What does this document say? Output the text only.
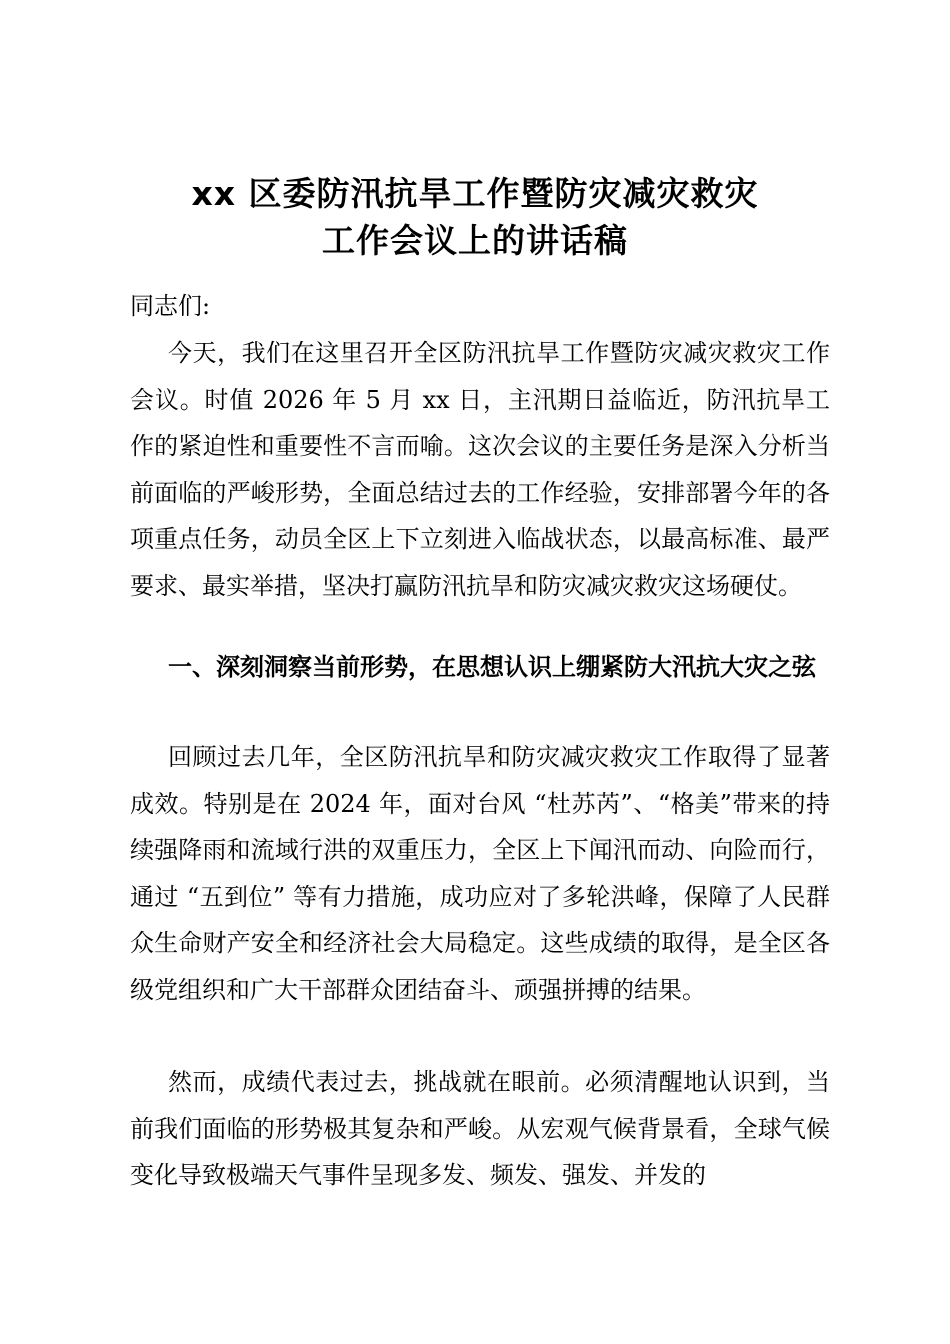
xx 区委防汛抗旱工作暨防灾减灾救灾
工作会议上的讲话稿

同志们:

今天，我们在这里召开全区防汛抗旱工作暨防灾减灾救灾工作会议。时值 2026 年 5 月 xx 日，主汛期日益临近，防汛抗旱工作的紧迫性和重要性不言而喻。这次会议的主要任务是深入分析当前面临的严峻形势，全面总结过去的工作经验，安排部署今年的各项重点任务，动员全区上下立刻进入临战状态，以最高标准、最严要求、最实举措，坚决打赢防汛抗旱和防灾减灾救灾这场硬仗。

一、深刻洞察当前形势，在思想认识上绷紧防大汛抗大灾之弦

回顾过去几年，全区防汛抗旱和防灾减灾救灾工作取得了显著成效。特别是在 2024 年，面对台风 “杜苏芮”、“格美”带来的持续强降雨和流域行洪的双重压力，全区上下闻汛而动、向险而行，通过 “五到位” 等有力措施，成功应对了多轮洪峰，保障了人民群众生命财产安全和经济社会大局稳定。这些成绩的取得，是全区各级党组织和广大干部群众团结奋斗、顽强拼搏的结果。

然而，成绩代表过去，挑战就在眼前。必须清醒地认识到，当前我们面临的形势极其复杂和严峻。从宏观气候背景看，全球气候变化导致极端天气事件呈现多发、频发、强发、并发的
